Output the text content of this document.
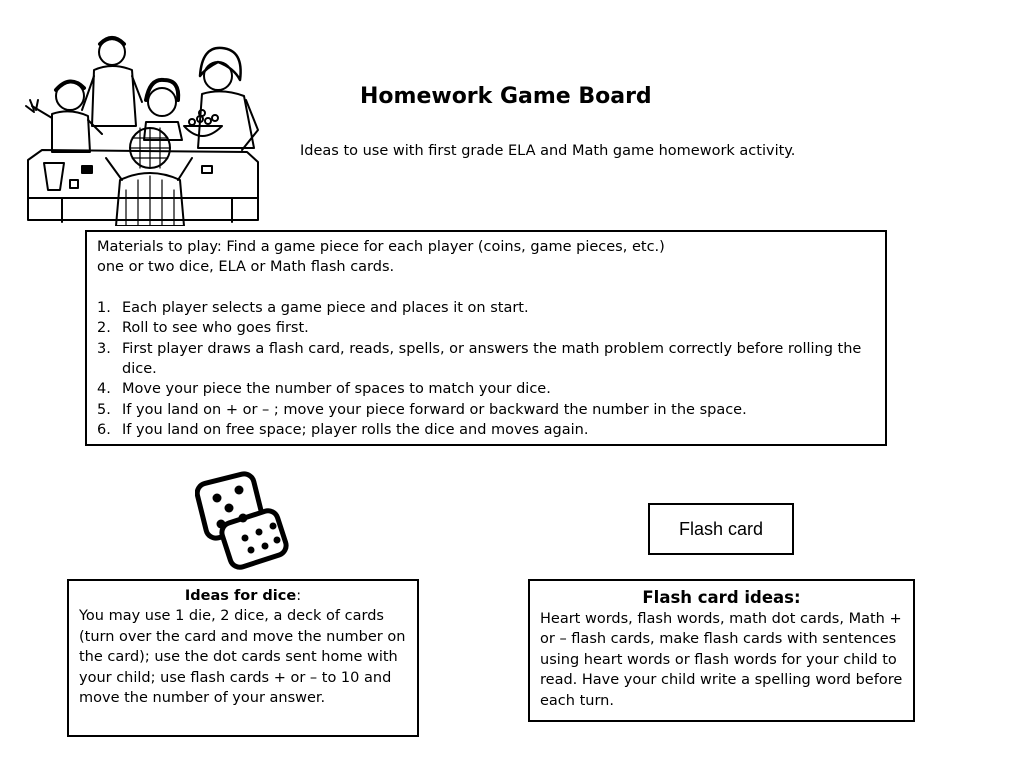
Homework Game Board
Ideas to use with first grade ELA and Math game homework activity.
Materials to play: Find a game piece for each player (coins, game pieces, etc.)
one or two dice, ELA or Math flash cards.
1. Each player selects a game piece and places it on start.
2. Roll to see who goes first.
3. First player draws a flash card, reads, spells, or answers the math problem correctly before rolling the dice.
4. Move your piece the number of spaces to match your dice.
5. If you land on + or – ; move your piece forward or backward the number in the space.
6. If you land on free space; player rolls the dice and moves again.
Flash card
Ideas for dice:
You may use 1 die, 2 dice, a deck of cards (turn over the card and move the number on the card); use the dot cards sent home with your child; use flash cards + or – to 10 and move the number of your answer.
Flash card ideas:
Heart words, flash words, math dot cards, Math + or – flash cards, make flash cards with sentences using heart words or flash words for your child to read. Have your child write a spelling word before each turn.
